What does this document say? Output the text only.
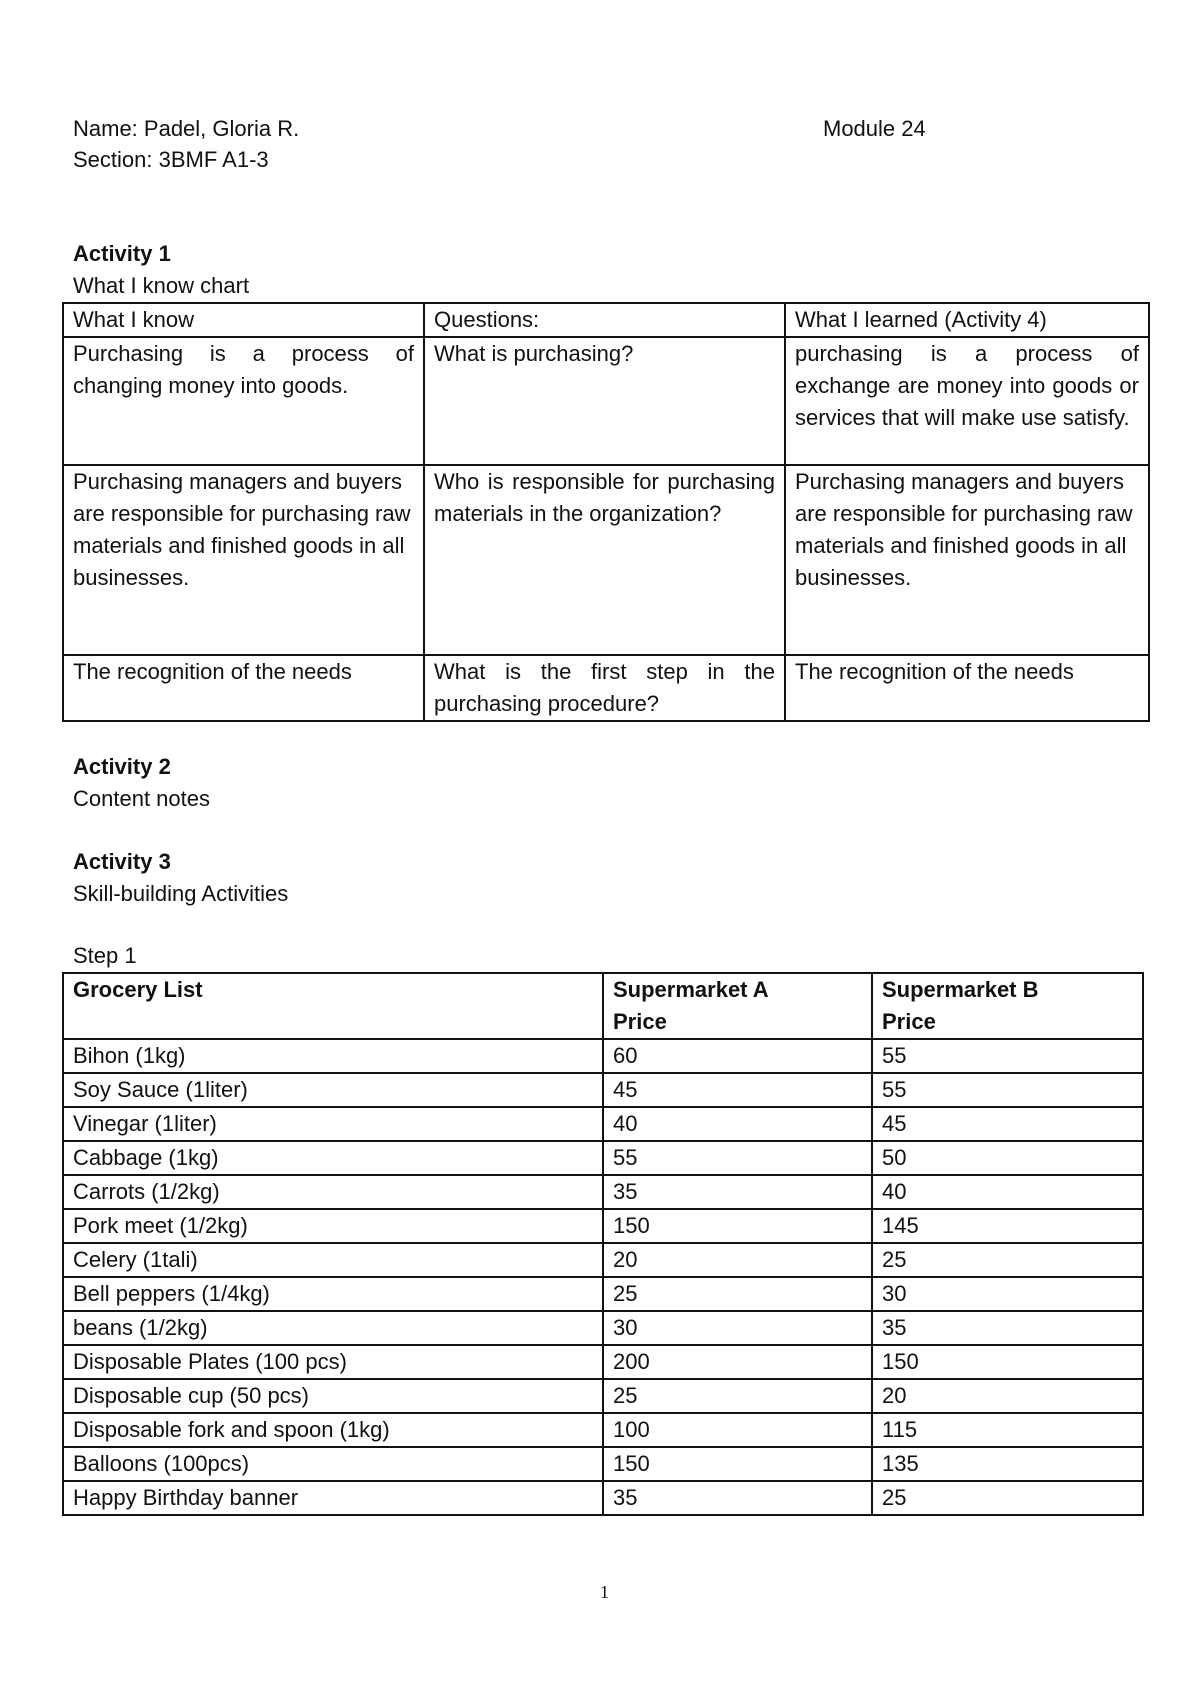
Name: Padel, Gloria R.	Module 24
Section: 3BMF A1-3
Activity 1
What I know chart
What I know	Questions:	What I learned (Activity 4)
Purchasing is a process of changing money into goods.	What is purchasing?	purchasing is a process of exchange are money into goods or services that will make use satisfy.
Purchasing managers and buyers are responsible for purchasing raw materials and finished goods in all businesses.	Who is responsible for purchasing materials in the organization?	Purchasing managers and buyers are responsible for purchasing raw materials and finished goods in all businesses.
The recognition of the needs	What is the first step in the purchasing procedure?	The recognition of the needs
Activity 2
Content notes
Activity 3
Skill-building Activities
Step 1
Grocery List	Supermarket A Price	Supermarket B Price
Bihon (1kg)	60	55
Soy Sauce (1liter)	45	55
Vinegar (1liter)	40	45
Cabbage (1kg)	55	50
Carrots (1/2kg)	35	40
Pork meet (1/2kg)	150	145
Celery (1tali)	20	25
Bell peppers (1/4kg)	25	30
beans (1/2kg)	30	35
Disposable Plates (100 pcs)	200	150
Disposable cup (50 pcs)	25	20
Disposable fork and spoon (1kg)	100	115
Balloons (100pcs)	150	135
Happy Birthday banner	35	25
1
